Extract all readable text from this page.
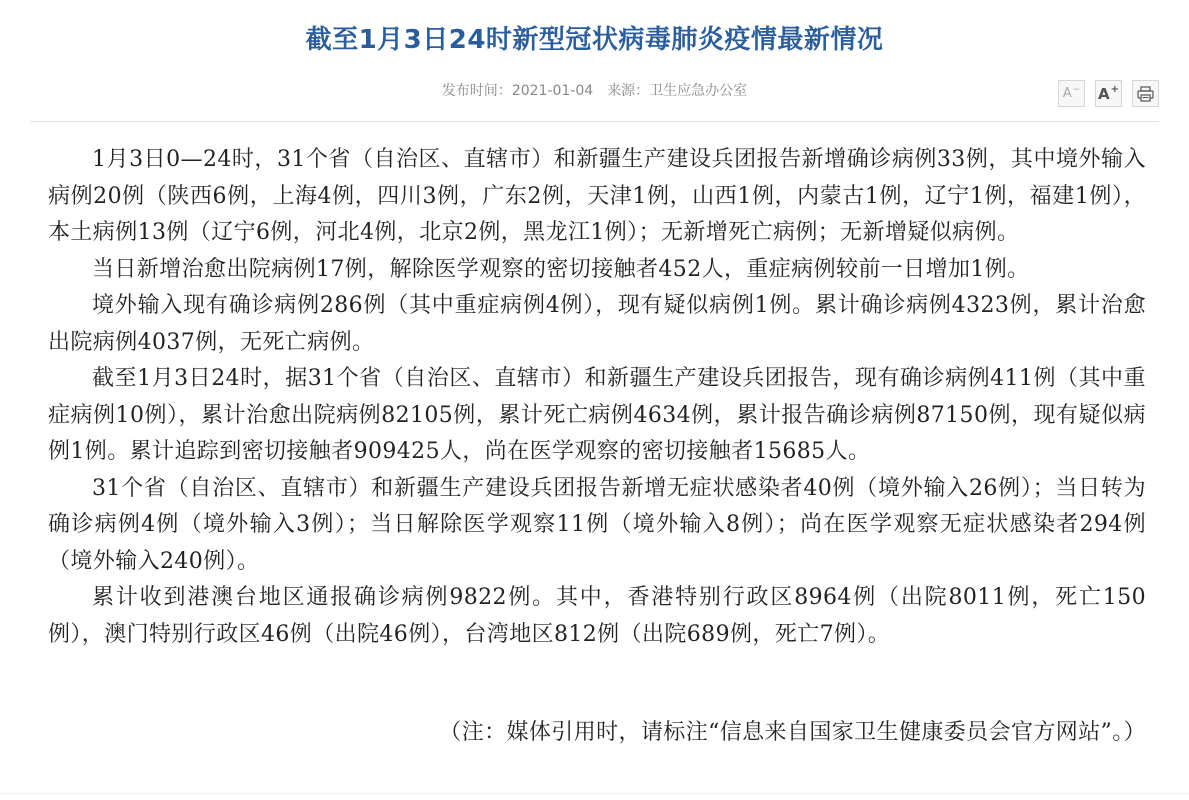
截至1月3日24时新型冠状病毒肺炎疫情最新情况
发布时间：2021-01-04 来源：卫生应急办公室	A − A +

1月3日0—24时，31个省（自治区、直辖市）和新疆生产建设兵团报告新增确诊病例33例，其中境外输入病例20例（陕西6例，上海4例，四川3例，广东2例，天津1例，山西1例，内蒙古1例，辽宁1例，福建1例），本土病例13例（辽宁6例，河北4例，北京2例，黑龙江1例）；无新增死亡病例；无新增疑似病例。

当日新增治愈出院病例17例，解除医学观察的密切接触者452人，重症病例较前一日增加1例。

境外输入现有确诊病例286例（其中重症病例4例），现有疑似病例1例。累计确诊病例4323例，累计治愈出院病例4037例，无死亡病例。

截至1月3日24时，据31个省（自治区、直辖市）和新疆生产建设兵团报告，现有确诊病例411例（其中重症病例10例），累计治愈出院病例82105例，累计死亡病例4634例，累计报告确诊病例87150例，现有疑似病例1例。累计追踪到密切接触者909425人，尚在医学观察的密切接触者15685人。

31个省（自治区、直辖市）和新疆生产建设兵团报告新增无症状感染者40例（境外输入26例）；当日转为确诊病例4例（境外输入3例）；当日解除医学观察11例（境外输入8例）；尚在医学观察无症状感染者294例（境外输入240例）。

累计收到港澳台地区通报确诊病例9822例。其中，香港特别行政区8964例（出院8011例，死亡150例），澳门特别行政区46例（出院46例），台湾地区812例（出院689例，死亡7例）。

（注：媒体引用时，请标注“信息来自国家卫生健康委员会官方网站”。）
